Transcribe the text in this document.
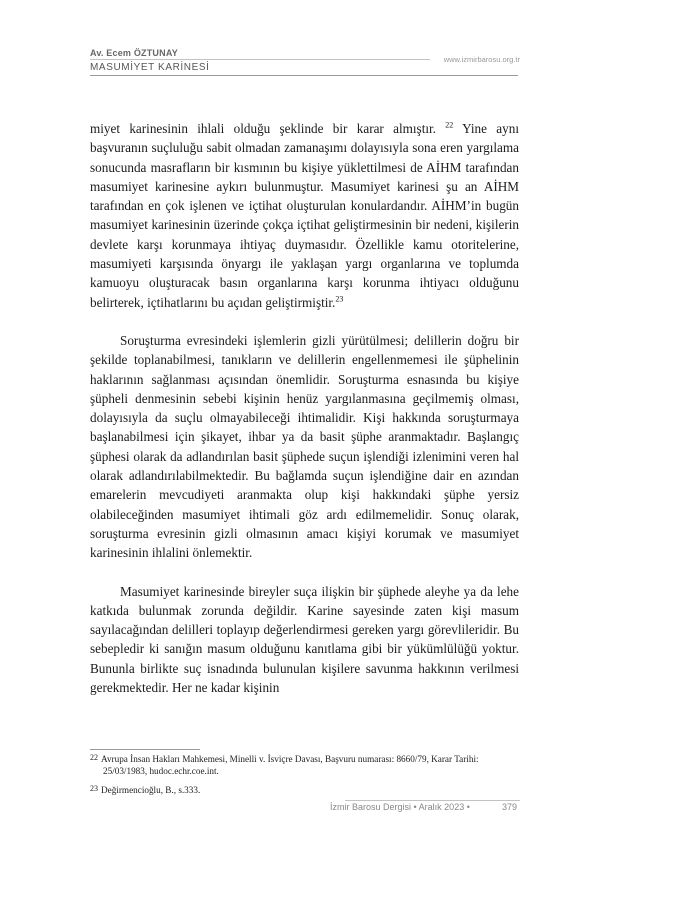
Av. Ecem ÖZTUNAY
www.izmirbarosu.org.tr
MASUMİYET KARİNESİ

miyet karinesinin ihlali olduğu şeklinde bir karar almıştır. $^{22}$ Yine aynı başvuranın suçluluğu sabit olmadan zamanaşımı dolayısıyla sona eren yargılama sonucunda masrafların bir kısmının bu kişiye yüklettilmesi de AİHM tarafından masumiyet karinesine aykırı bulunmuştur. Masumiyet karinesi şu an AİHM tarafından en çok işlenen ve içtihat oluşturulan konulardandır. AİHM’in bugün masumiyet karinesinin üzerinde çokça içtihat geliştirmesinin bir nedeni, kişilerin devlete karşı korunmaya ihtiyaç duymasıdır. Özellikle kamu otoritelerine, masumiyeti karşısında önyargı ile yaklaşan yargı organlarına ve toplumda kamuoyu oluşturacak basın organlarına karşı korunma ihtiyacı olduğunu belirterek, içtihatlarını bu açıdan geliştirmiştir.$^{23}$

Soruşturma evresindeki işlemlerin gizli yürütülmesi; delillerin doğru bir şekilde toplanabilmesi, tanıkların ve delillerin engellenmemesi ile şüphelinin haklarının sağlanması açısından önemlidir. Soruşturma esnasında bu kişiye şüpheli denmesinin sebebi kişinin henüz yargılanmasına geçilmemiş olması, dolayısıyla da suçlu olmayabileceği ihtimalidir. Kişi hakkında soruşturmaya başlanabilmesi için şikayet, ihbar ya da basit şüphe aranmaktadır. Başlangıç şüphesi olarak da adlandırılan basit şüphede suçun işlendiği izlenimini veren hal olarak adlandırılabilmektedir. Bu bağlamda suçun işlendiğine dair en azından emarelerin mevcudiyeti aranmakta olup kişi hakkındaki şüphe yersiz olabileceğinden masumiyet ihtimali göz ardı edilmemelidir. Sonuç olarak, soruşturma evresinin gizli olmasının amacı kişiyi korumak ve masumiyet karinesinin ihlalini önlemektir.

Masumiyet karinesinde bireyler suça ilişkin bir şüphede aleyhe ya da lehe katkıda bulunmak zorunda değildir. Karine sayesinde zaten kişi masum sayılacağından delilleri toplayıp değerlendirmesi gereken yargı görevlileridir. Bu sebepledir ki sanığın masum olduğunu kanıtlama gibi bir yükümlülüğü yoktur. Bununla birlikte suç isnadında bulunulan kişilere savunma hakkının verilmesi gerekmektedir. Her ne kadar kişinin

22 Avrupa İnsan Hakları Mahkemesi, Minelli v. İsviçre Davası, Başvuru numarası: 8660/79, Karar Tarihi: 25/03/1983, hudoc.echr.coe.int.
23 Değirmencioğlu, B., s.333.
İzmir Barosu Dergisi • Aralık 2023 •	379
